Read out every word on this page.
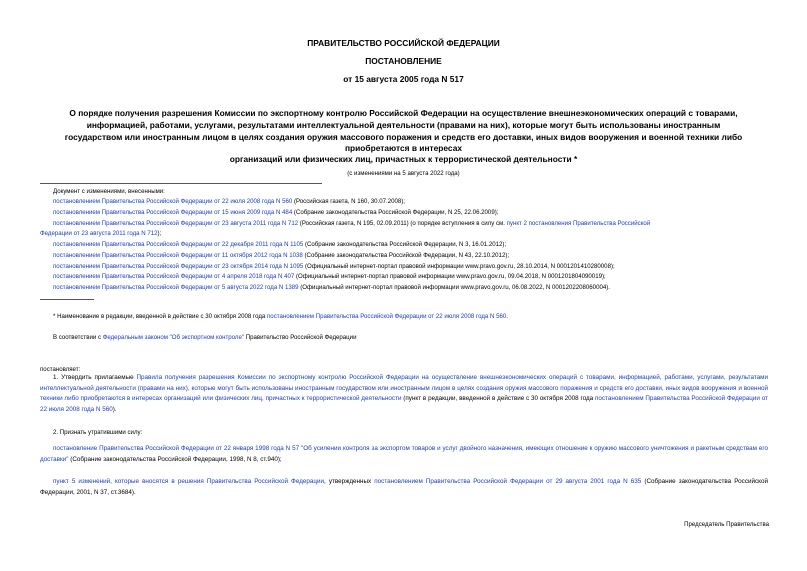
ПРАВИТЕЛЬСТВО РОССИЙСКОЙ ФЕДЕРАЦИИ
ПОСТАНОВЛЕНИЕ
от 15 августа 2005 года N 517
О порядке получения разрешения Комиссии по экспортному контролю Российской Федерации на осуществление внешнеэкономических операций с товарами,
информацией, работами, услугами, результатами интеллектуальной деятельности (правами на них), которые могут быть использованы иностранным
государством или иностранным лицом в целях создания оружия массового поражения и средств его доставки, иных видов вооружения и военной техники либо
приобретаются в интересах
организаций или физических лиц, причастных к террористической деятельности *
(с изменениями на 5 августа 2022 года)
Документ с изменениями, внесенными:
постановлением Правительства Российской Федерации от 22 июля 2008 года N 560 (Российская газета, N 160, 30.07.2008);
постановлением Правительства Российской Федерации от 15 июня 2009 года N 484 (Собрание законодательства Российской Федерации, N 25, 22.06.2009);
постановлением Правительства Российской Федерации от 23 августа 2011 года N 712 (Российская газета, N 195, 02.09.2011) (о порядке вступления в силу см. пункт 2 постановления Правительства Российской
Федерации от 23 августа 2011 года N 712);
постановлением Правительства Российской Федерации от 22 декабря 2011 года N 1105 (Собрание законодательства Российской Федерации, N 3, 16.01.2012);
постановлением Правительства Российской Федерации от 11 октября 2012 года N 1038 (Собрание законодательства Российской Федерации, N 43, 22.10.2012);
постановлением Правительства Российской Федерации от 23 октября 2014 года N 1095 (Официальный интернет-портал правовой информации www.pravo.gov.ru, 28.10.2014, N 0001201410280008);
постановлением Правительства Российской Федерации от 4 апреля 2018 года N 407 (Официальный интернет-портал правовой информации www.pravo.gov.ru, 09.04.2018, N 0001201804090019);
постановлением Правительства Российской Федерации от 5 августа 2022 года N 1389 (Официальный интернет-портал правовой информации www.pravo.gov.ru, 06.08.2022, N 0001202208060004).
* Наименование в редакции, введенной в действие с 30 октября 2008 года постановлением Правительства Российской Федерации от 22 июля 2008 года N 560.
В соответствии с Федеральным законом "Об экспортном контроле" Правительство Российской Федерации
постановляет:
1. Утвердить прилагаемые Правила получения разрешения Комиссии по экспортному контролю Российской Федерации на осуществление внешнеэкономических операций с товарами, информацией, работами, услугами, результатами интеллектуальной деятельности (правами на них), которые могут быть использованы иностранным государством или иностранным лицом в целях создания оружия массового поражения и средств его доставки, иных видов вооружения и военной техники либо приобретаются в интересах организаций или физических лиц, причастных к террористической деятельности (пункт в редакции, введенной в действие с 30 октября 2008 года постановлением Правительства Российской Федерации от 22 июля 2008 года N 560).
2. Признать утратившими силу:
постановление Правительства Российской Федерации от 22 января 1998 года N 57 "Об усилении контроля за экспортом товаров и услуг двойного назначения, имеющих отношение к оружию массового уничтожения и ракетным средствам его доставки" (Собрание законодательства Российской Федерации, 1998, N 8, ст.940);
пункт 5 изменений, которые вносятся в решения Правительства Российской Федерации, утвержденных постановлением Правительства Российской Федерации от 29 августа 2001 года N 635 (Собрание законодательства Российской Федерации, 2001, N 37, ст.3684).
Председатель Правительства
